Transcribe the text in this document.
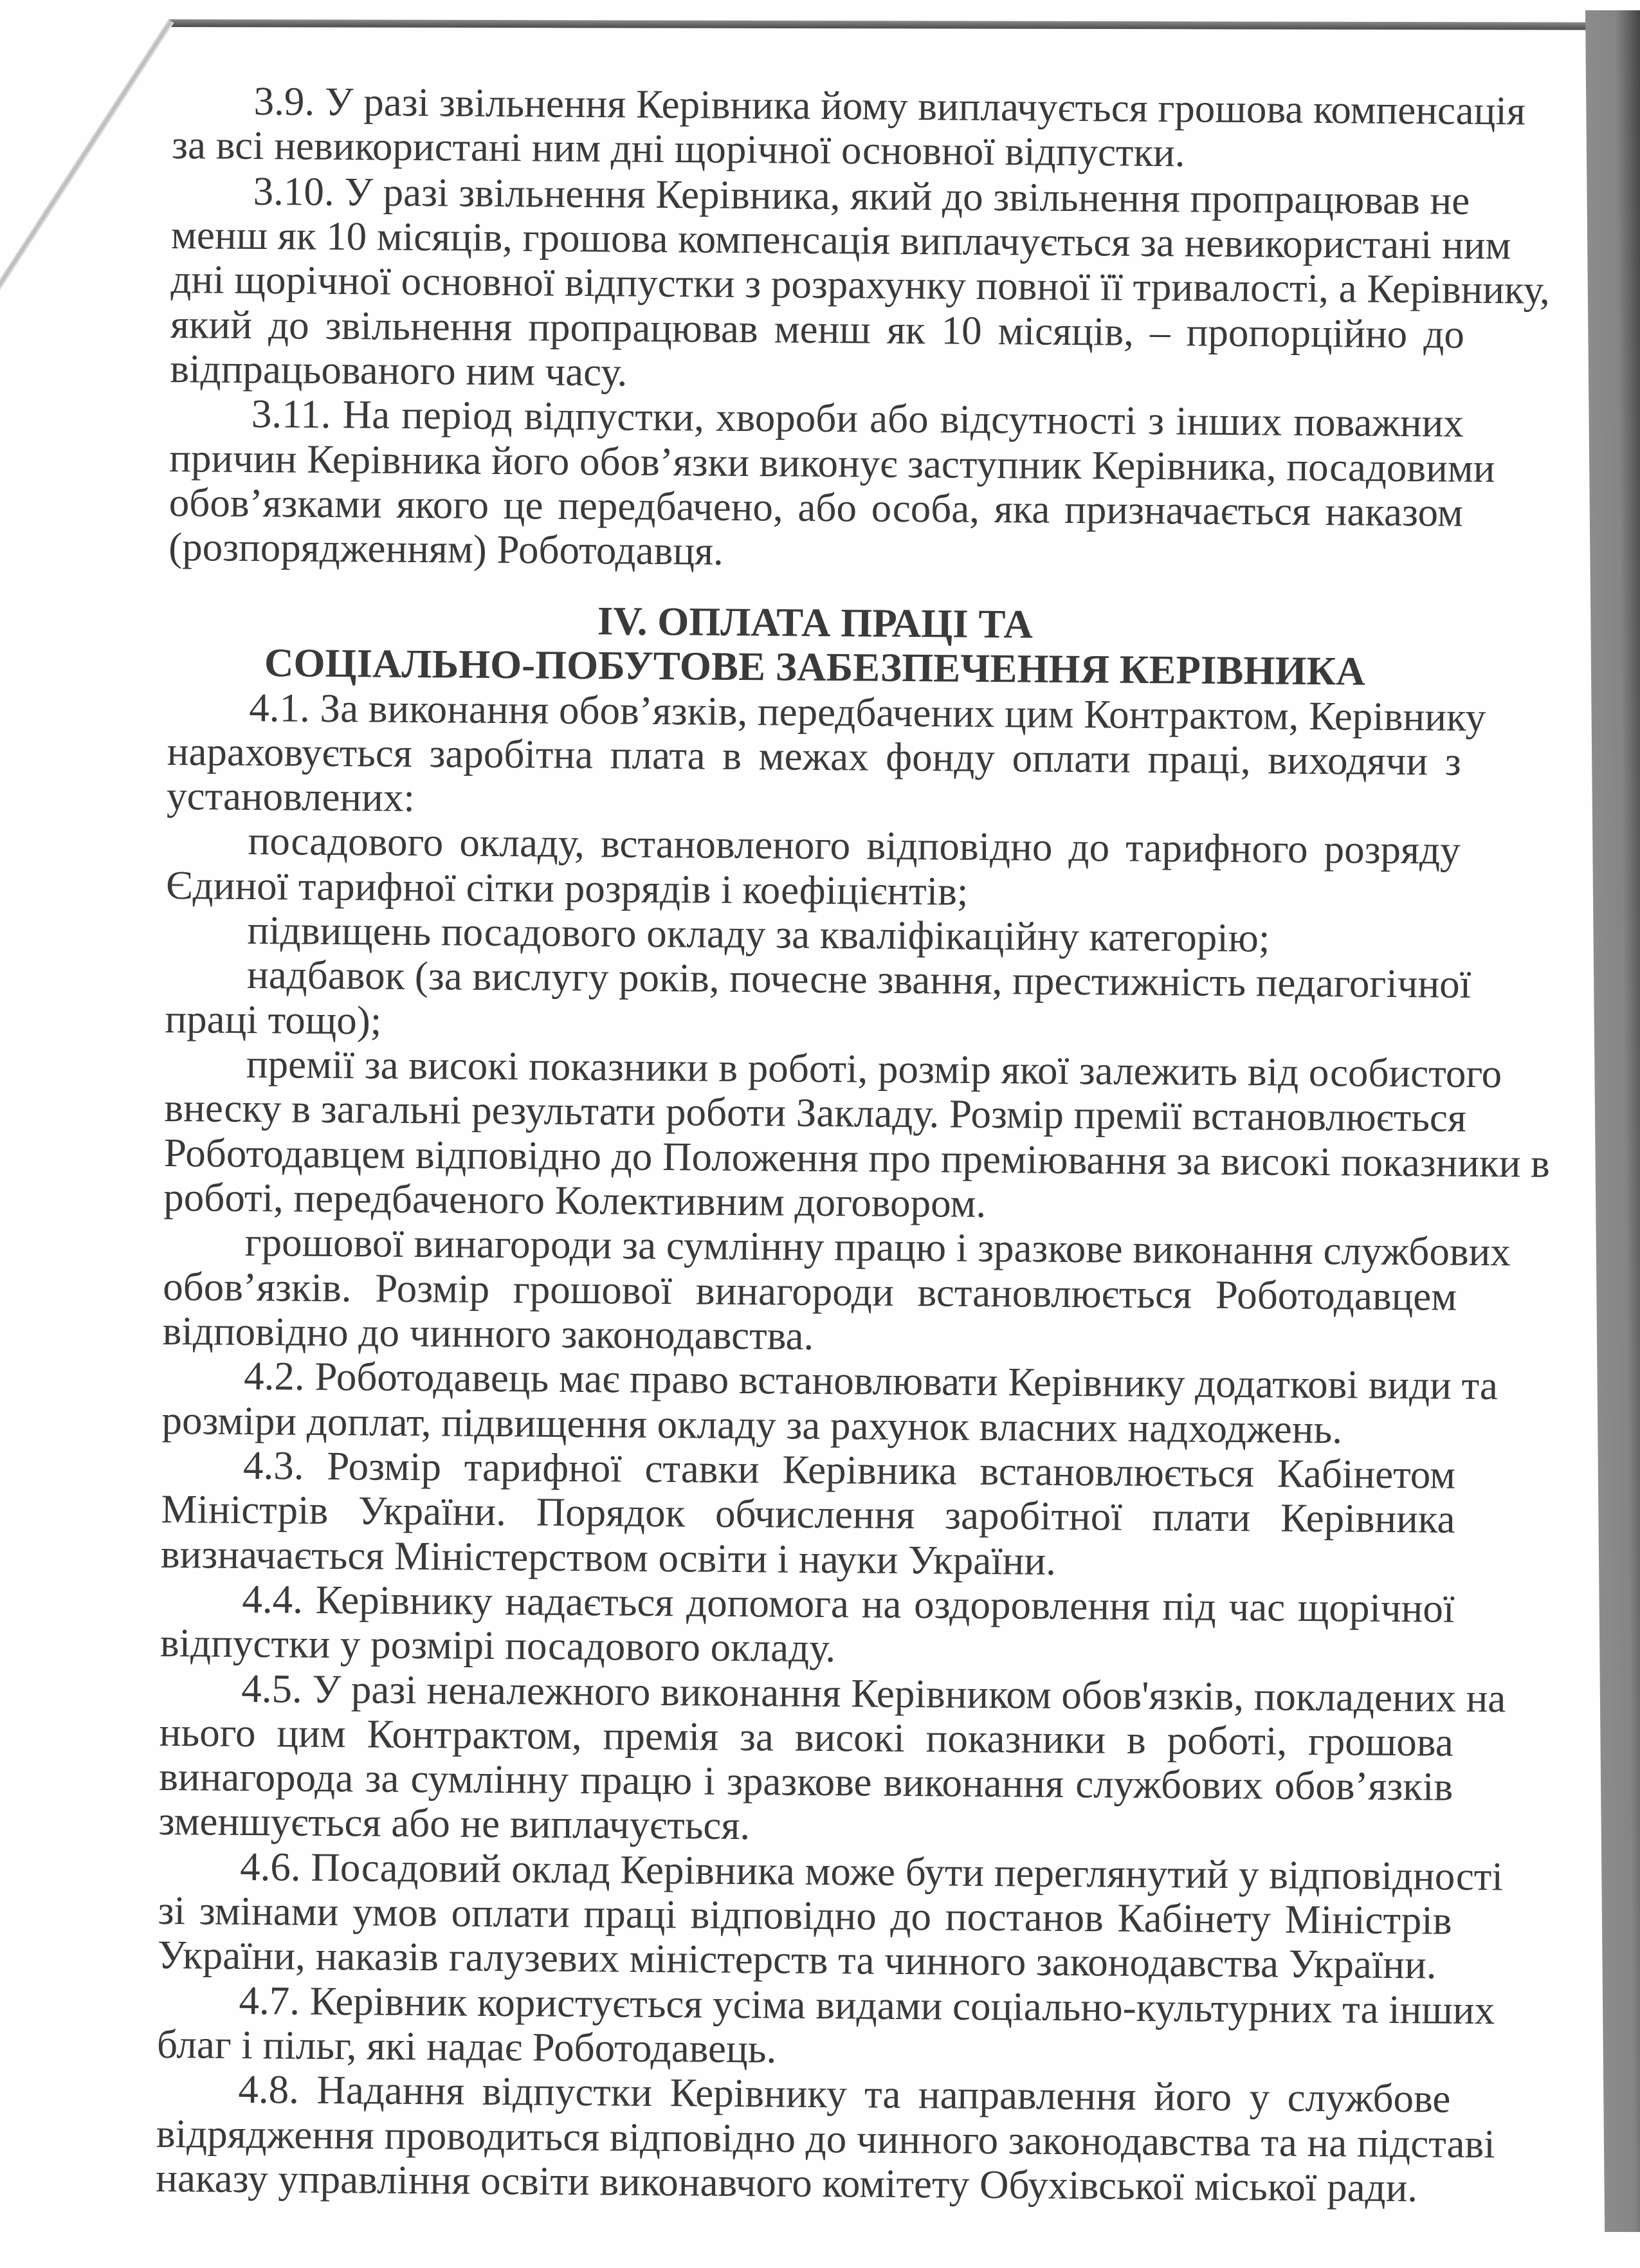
3.9. У разі звільнення Керівника йому виплачується грошова компенсація
за всі невикористані ним дні щорічної основної відпустки.
3.10. У разі звільнення Керівника, який до звільнення пропрацював не
менш як 10 місяців, грошова компенсація виплачується за невикористані ним
дні щорічної основної відпустки з розрахунку повної її тривалості, а Керівнику,
який до звільнення пропрацював менш як 10 місяців, – пропорційно до
відпрацьованого ним часу.
3.11. На період відпустки, хвороби або відсутності з інших поважних
причин Керівника його обов’язки виконує заступник Керівника, посадовими
обов’язками якого це передбачено, або особа, яка призначається наказом
(розпорядженням) Роботодавця.
IV. ОПЛАТА ПРАЦІ ТА
СОЦІАЛЬНО-ПОБУТОВЕ ЗАБЕЗПЕЧЕННЯ КЕРІВНИКА
4.1. За виконання обов’язків, передбачених цим Контрактом, Керівнику
нараховується заробітна плата в межах фонду оплати праці, виходячи з
установлених:
посадового окладу, встановленого відповідно до тарифного розряду
Єдиної тарифної сітки розрядів і коефіцієнтів;
підвищень посадового окладу за кваліфікаційну категорію;
надбавок (за вислугу років, почесне звання, престижність педагогічної
праці тощо);
премії за високі показники в роботі, розмір якої залежить від особистого
внеску в загальні результати роботи Закладу. Розмір премії встановлюється
Роботодавцем відповідно до Положення про преміювання за високі показники в
роботі, передбаченого Колективним договором.
грошової винагороди за сумлінну працю і зразкове виконання службових
обов’язків. Розмір грошової винагороди встановлюється Роботодавцем
відповідно до чинного законодавства.
4.2. Роботодавець має право встановлювати Керівнику додаткові види та
розміри доплат, підвищення окладу за рахунок власних надходжень.
4.3. Розмір тарифної ставки Керівника встановлюється Кабінетом
Міністрів України. Порядок обчислення заробітної плати Керівника
визначається Міністерством освіти і науки України.
4.4. Керівнику надається допомога на оздоровлення під час щорічної
відпустки у розмірі посадового окладу.
4.5. У разі неналежного виконання Керівником обов'язків, покладених на
нього цим Контрактом, премія за високі показники в роботі, грошова
винагорода за сумлінну працю і зразкове виконання службових обов’язків
зменшується або не виплачується.
4.6. Посадовий оклад Керівника може бути переглянутий у відповідності
зі змінами умов оплати праці відповідно до постанов Кабінету Міністрів
України, наказів галузевих міністерств та чинного законодавства України.
4.7. Керівник користується усіма видами соціально-культурних та інших
благ і пільг, які надає Роботодавець.
4.8. Надання відпустки Керівнику та направлення його у службове
відрядження проводиться відповідно до чинного законодавства та на підставі
наказу управління освіти виконавчого комітету Обухівської міської ради.
